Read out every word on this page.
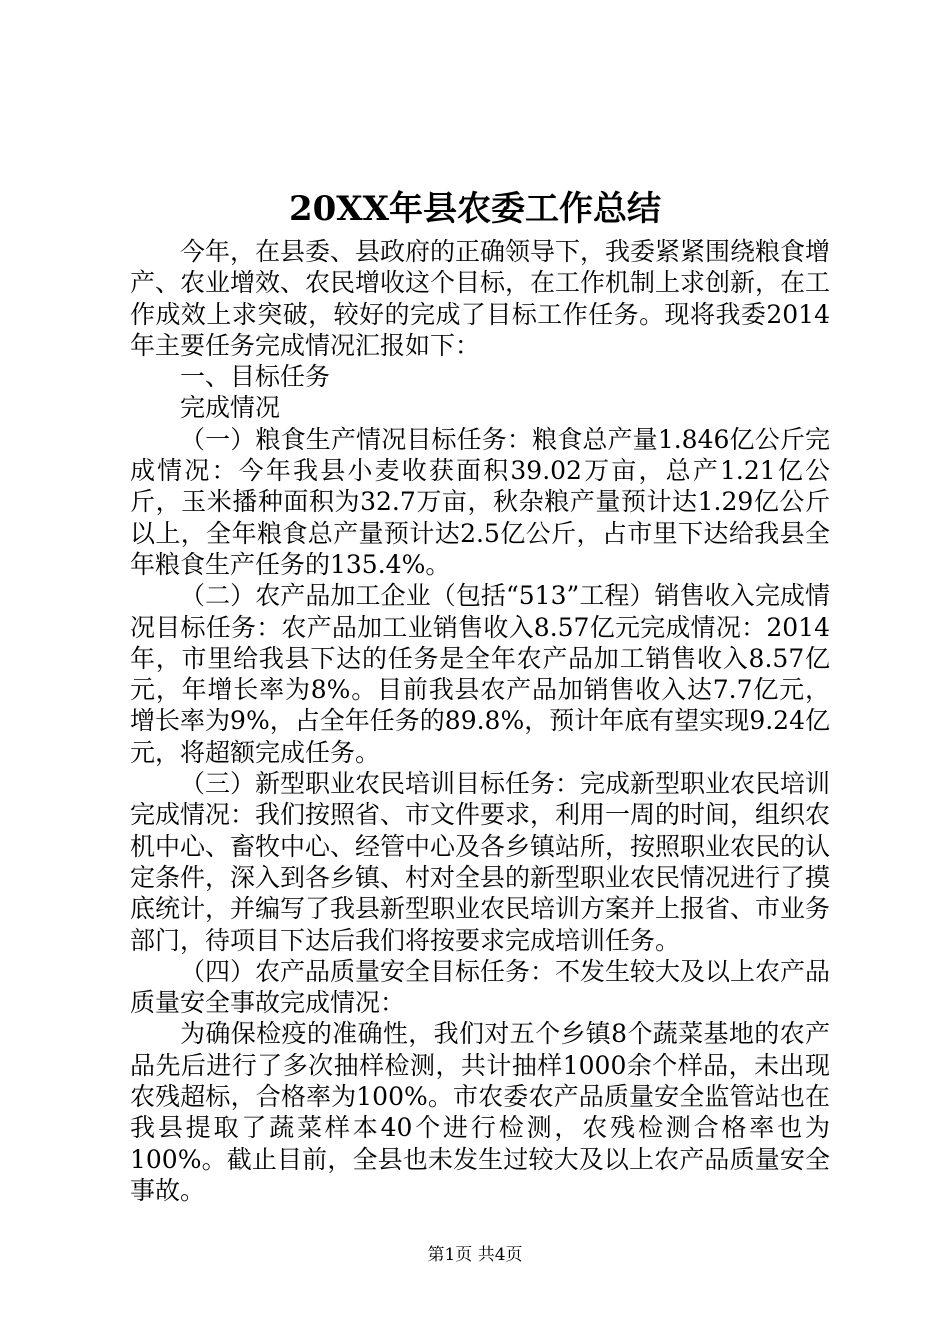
20XX年县农委工作总结

今年，在县委、县政府的正确领导下，我委紧紧围绕粮食增产、农业增效、农民增收这个目标，在工作机制上求创新，在工作成效上求突破，较好的完成了目标工作任务。现将我委2014年主要任务完成情况汇报如下：

一、目标任务

完成情况

（一）粮食生产情况目标任务：粮食总产量1.846亿公斤完成情况：今年我县小麦收获面积39.02万亩，总产1.21亿公斤，玉米播种面积为32.7万亩，秋杂粮产量预计达1.29亿公斤以上，全年粮食总产量预计达2.5亿公斤，占市里下达给我县全年粮食生产任务的135.4%。

（二）农产品加工企业（包括“513”工程）销售收入完成情况目标任务：农产品加工业销售收入8.57亿元完成情况：2014年，市里给我县下达的任务是全年农产品加工销售收入8.57亿元，年增长率为8%。目前我县农产品加销售收入达7.7亿元，增长率为9%，占全年任务的89.8%，预计年底有望实现9.24亿元，将超额完成任务。

（三）新型职业农民培训目标任务：完成新型职业农民培训完成情况：我们按照省、市文件要求，利用一周的时间，组织农机中心、畜牧中心、经管中心及各乡镇站所，按照职业农民的认定条件，深入到各乡镇、村对全县的新型职业农民情况进行了摸底统计，并编写了我县新型职业农民培训方案并上报省、市业务部门，待项目下达后我们将按要求完成培训任务。

（四）农产品质量安全目标任务：不发生较大及以上农产品质量安全事故完成情况：

为确保检疫的准确性，我们对五个乡镇8个蔬菜基地的农产品先后进行了多次抽样检测，共计抽样1000余个样品，未出现农残超标，合格率为100%。市农委农产品质量安全监管站也在我县提取了蔬菜样本40个进行检测，农残检测合格率也为100%。截止目前，全县也未发生过较大及以上农产品质量安全事故。

第1页 共4页
